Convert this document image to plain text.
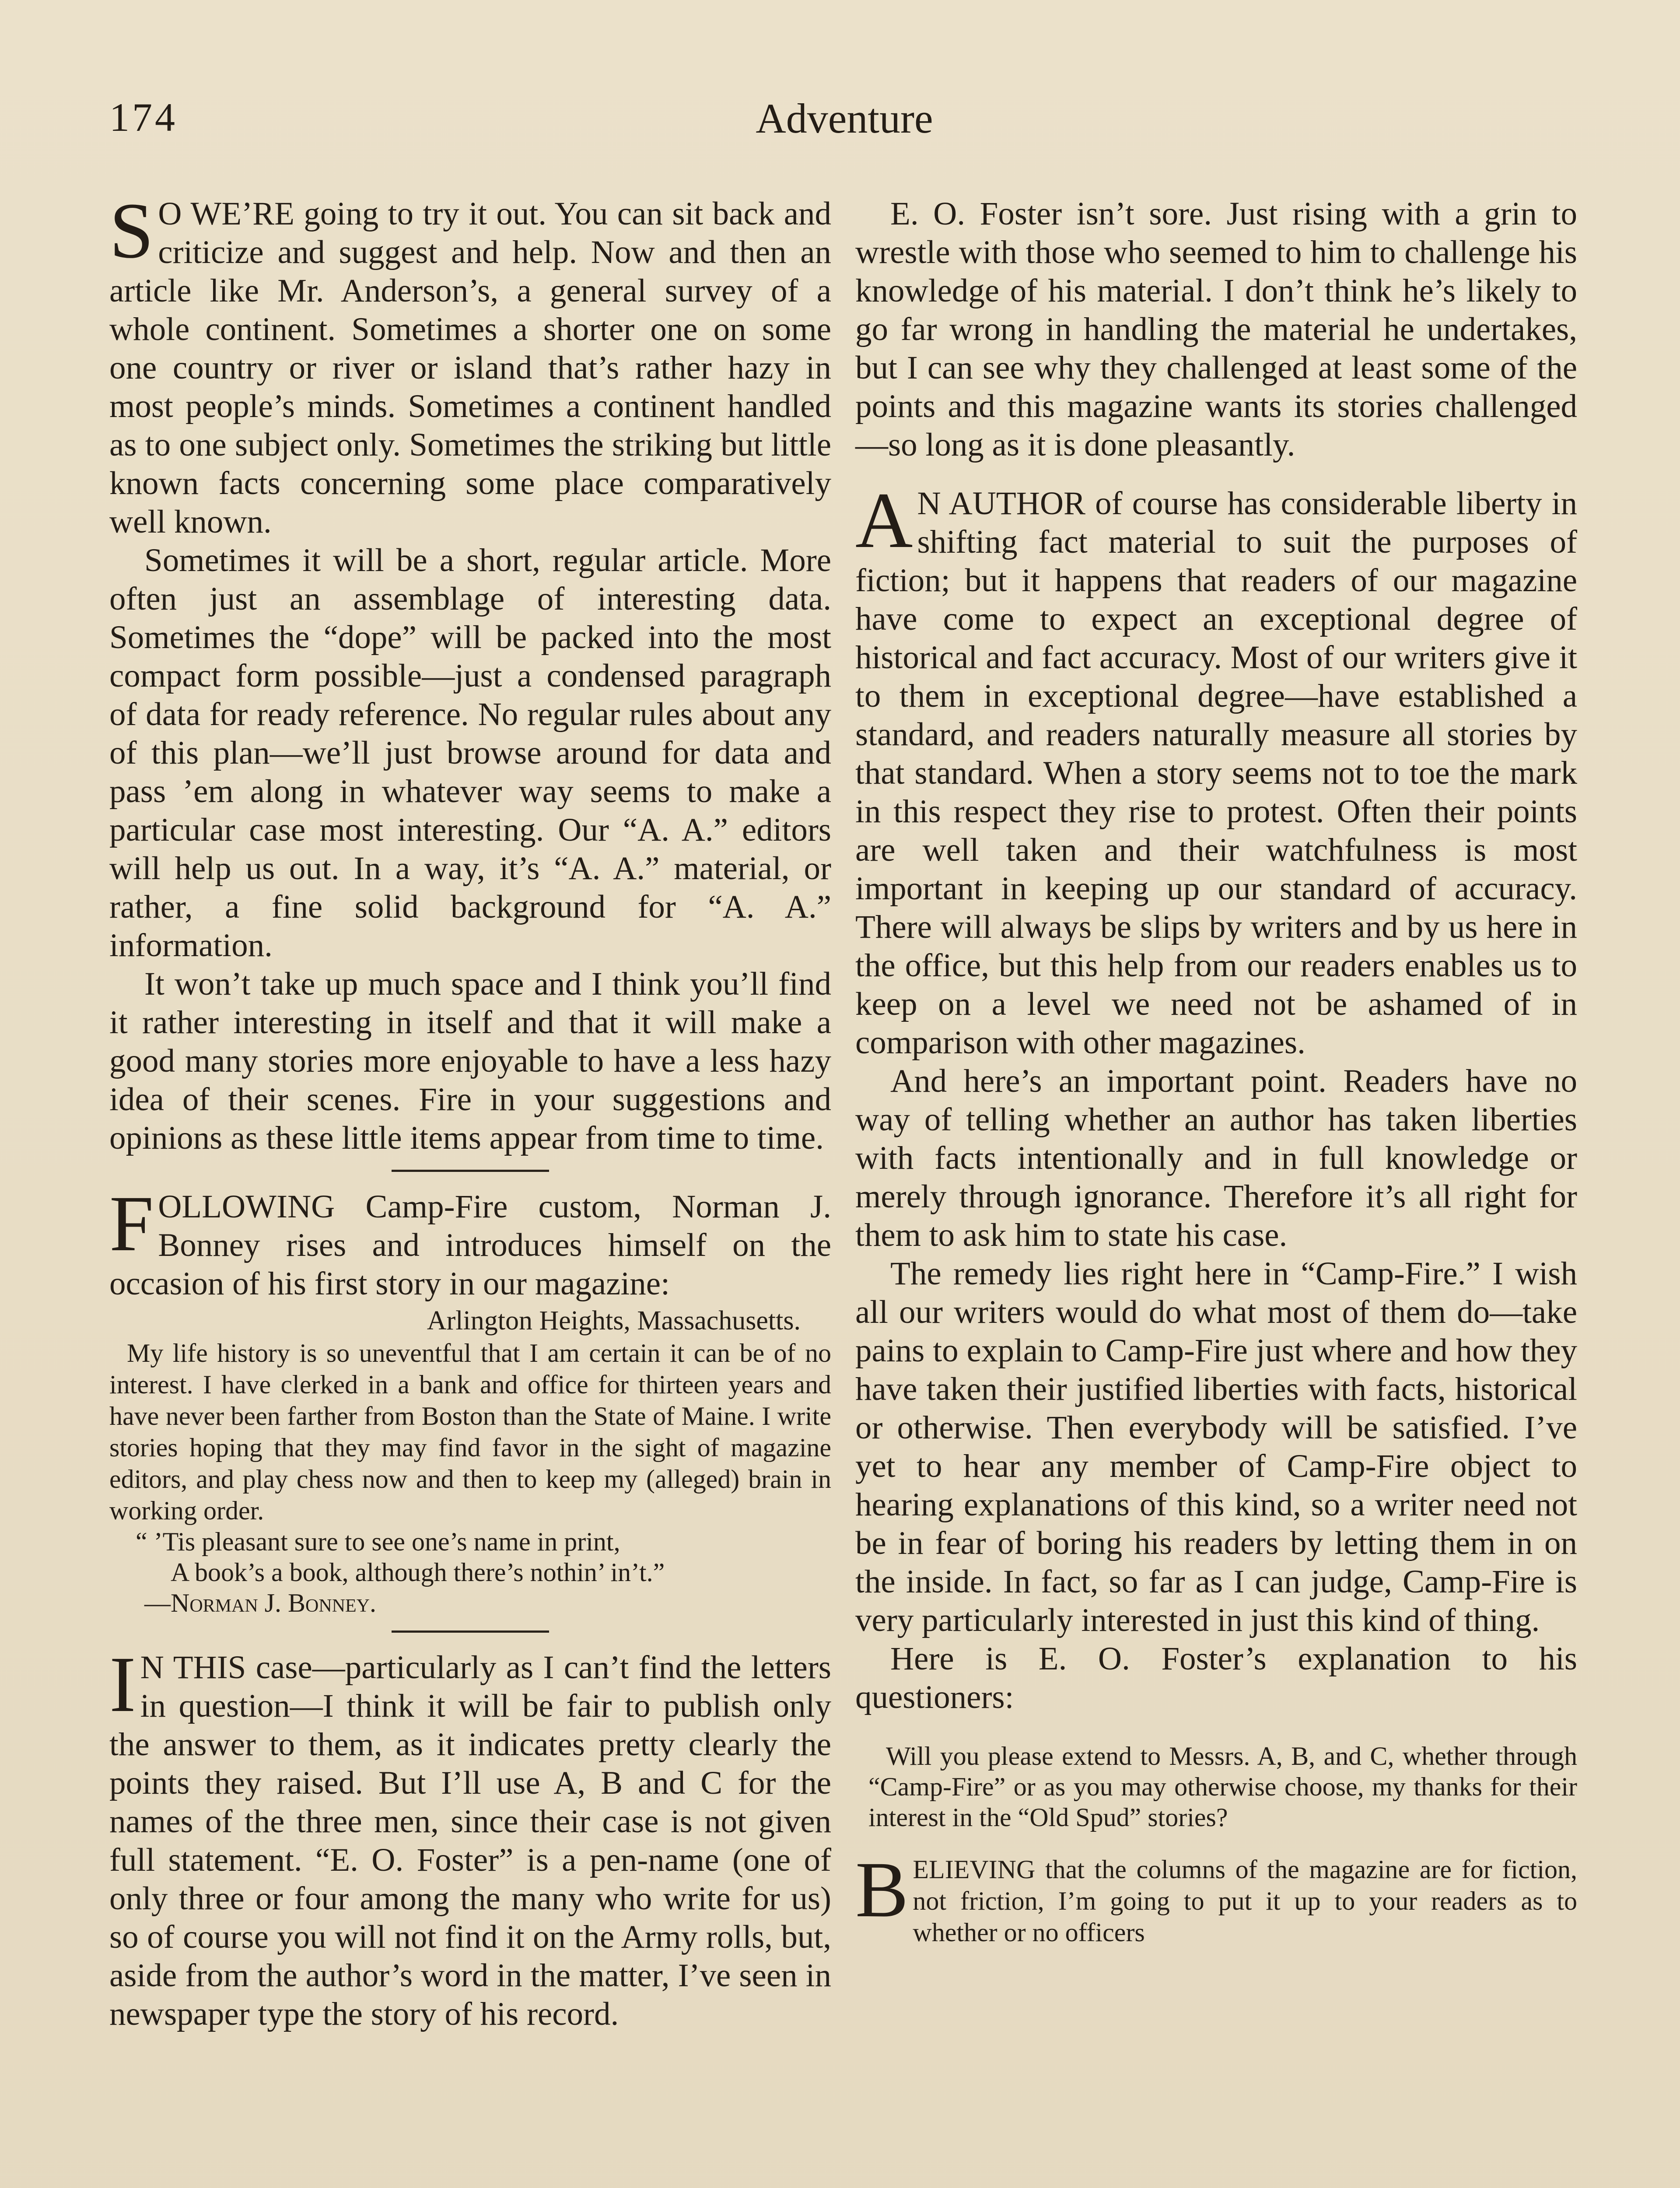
174	Adventure

SO WE’RE going to try it out. You can sit back and criticize and suggest and help. Now and then an article like Mr. Anderson’s, a general survey of a whole continent. Sometimes a shorter one on some one country or river or island that’s rather hazy in most people’s minds. Sometimes a continent handled as to one subject only. Sometimes the striking but little known facts concerning some place comparatively well known.

Sometimes it will be a short, regular article. More often just an assemblage of interesting data. Sometimes the “dope” will be packed into the most compact form possible—just a condensed paragraph of data for ready reference. No regular rules about any of this plan—we’ll just browse around for data and pass ’em along in whatever way seems to make a particular case most interesting. Our “A. A.” editors will help us out. In a way, it’s “A. A.” material, or rather, a fine solid background for “A. A.” information.

It won’t take up much space and I think you’ll find it rather interesting in itself and that it will make a good many stories more enjoyable to have a less hazy idea of their scenes. Fire in your suggestions and opinions as these little items appear from time to time.

FOLLOWING Camp-Fire custom, Norman J. Bonney rises and introduces himself on the occasion of his first story in our magazine:

Arlington Heights, Massachusetts.

My life history is so uneventful that I am certain it can be of no interest. I have clerked in a bank and office for thirteen years and have never been farther from Boston than the State of Maine. I write stories hoping that they may find favor in the sight of magazine editors, and play chess now and then to keep my (alleged) brain in working order.

“ ’Tis pleasant sure to see one’s name in print,
A book’s a book, although there’s nothin’ in’t.”
—Norman J. Bonney.

IN THIS case—particularly as I can’t find the letters in question—I think it will be fair to publish only the answer to them, as it indicates pretty clearly the points they raised. But I’ll use A, B and C for the names of the three men, since their case is not given full statement. “E. O. Foster” is a pen-name (one of only three or four among the many who write for us) so of course you will not find it on the Army rolls, but, aside from the author’s word in the matter, I’ve seen in newspaper type the story of his record.

E. O. Foster isn’t sore. Just rising with a grin to wrestle with those who seemed to him to challenge his knowledge of his material. I don’t think he’s likely to go far wrong in handling the material he undertakes, but I can see why they challenged at least some of the points and this magazine wants its stories challenged—so long as it is done pleasantly.

AN AUTHOR of course has considerable liberty in shifting fact material to suit the purposes of fiction; but it happens that readers of our magazine have come to expect an exceptional degree of historical and fact accuracy. Most of our writers give it to them in exceptional degree—have established a standard, and readers naturally measure all stories by that standard. When a story seems not to toe the mark in this respect they rise to protest. Often their points are well taken and their watchfulness is most important in keeping up our standard of accuracy. There will always be slips by writers and by us here in the office, but this help from our readers enables us to keep on a level we need not be ashamed of in comparison with other magazines.

And here’s an important point. Readers have no way of telling whether an author has taken liberties with facts intentionally and in full knowledge or merely through ignorance. Therefore it’s all right for them to ask him to state his case.

The remedy lies right here in “Camp-Fire.” I wish all our writers would do what most of them do—take pains to explain to Camp-Fire just where and how they have taken their justified liberties with facts, historical or otherwise. Then everybody will be satisfied. I’ve yet to hear any member of Camp-Fire object to hearing explanations of this kind, so a writer need not be in fear of boring his readers by letting them in on the inside. In fact, so far as I can judge, Camp-Fire is very particularly interested in just this kind of thing.

Here is E. O. Foster’s explanation to his questioners:

Will you please extend to Messrs. A, B, and C, whether through “Camp-Fire” or as you may otherwise choose, my thanks for their interest in the “Old Spud” stories?

BELIEVING that the columns of the magazine are for fiction, not friction, I’m going to put it up to your readers as to whether or no officers
